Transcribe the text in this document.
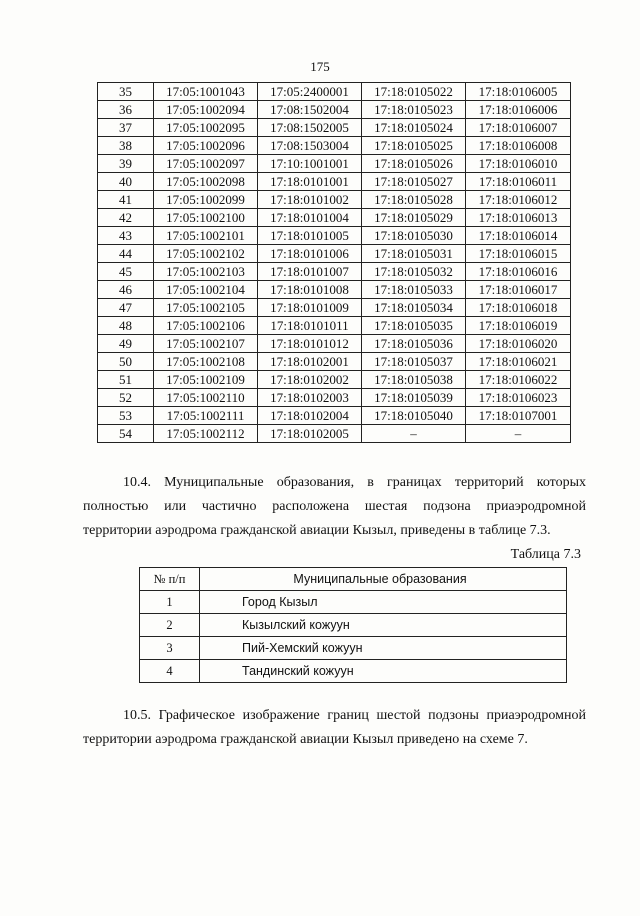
175
35	17:05:1001043	17:05:2400001	17:18:0105022	17:18:0106005
36	17:05:1002094	17:08:1502004	17:18:0105023	17:18:0106006
37	17:05:1002095	17:08:1502005	17:18:0105024	17:18:0106007
38	17:05:1002096	17:08:1503004	17:18:0105025	17:18:0106008
39	17:05:1002097	17:10:1001001	17:18:0105026	17:18:0106010
40	17:05:1002098	17:18:0101001	17:18:0105027	17:18:0106011
41	17:05:1002099	17:18:0101002	17:18:0105028	17:18:0106012
42	17:05:1002100	17:18:0101004	17:18:0105029	17:18:0106013
43	17:05:1002101	17:18:0101005	17:18:0105030	17:18:0106014
44	17:05:1002102	17:18:0101006	17:18:0105031	17:18:0106015
45	17:05:1002103	17:18:0101007	17:18:0105032	17:18:0106016
46	17:05:1002104	17:18:0101008	17:18:0105033	17:18:0106017
47	17:05:1002105	17:18:0101009	17:18:0105034	17:18:0106018
48	17:05:1002106	17:18:0101011	17:18:0105035	17:18:0106019
49	17:05:1002107	17:18:0101012	17:18:0105036	17:18:0106020
50	17:05:1002108	17:18:0102001	17:18:0105037	17:18:0106021
51	17:05:1002109	17:18:0102002	17:18:0105038	17:18:0106022
52	17:05:1002110	17:18:0102003	17:18:0105039	17:18:0106023
53	17:05:1002111	17:18:0102004	17:18:0105040	17:18:0107001
54	17:05:1002112	17:18:0102005	–	–
10.4. Муниципальные образования, в границах территорий которых
полностью или частично расположена шестая подзона приаэродромной
территории аэродрома гражданской авиации Кызыл, приведены в таблице 7.3.
Таблица 7.3
№ п/п	Муниципальные образования
1	Город Кызыл
2	Кызылский кожуун
3	Пий-Хемский кожуун
4	Тандинский кожуун
10.5. Графическое изображение границ шестой подзоны приаэродромной
территории аэродрома гражданской авиации Кызыл приведено на схеме 7.
